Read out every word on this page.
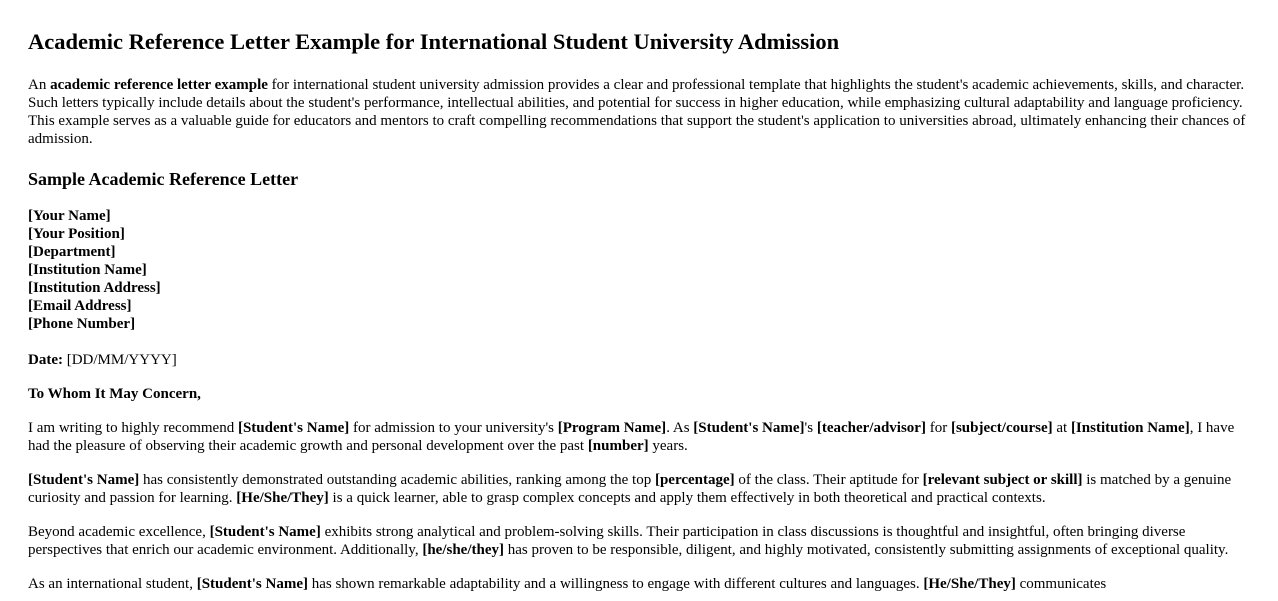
Academic Reference Letter Example for International Student University Admission

An academic reference letter example for international student university admission provides a clear and professional template that highlights the student's academic achievements, skills, and character. Such letters typically include details about the student's performance, intellectual abilities, and potential for success in higher education, while emphasizing cultural adaptability and language proficiency. This example serves as a valuable guide for educators and mentors to craft compelling recommendations that support the student's application to universities abroad, ultimately enhancing their chances of admission.

Sample Academic Reference Letter
[Your Name]
[Your Position]
[Department]
[Institution Name]
[Institution Address]
[Email Address]
[Phone Number]
Date: [DD/MM/YYYY]
To Whom It May Concern,

I am writing to highly recommend [Student's Name] for admission to your university's [Program Name]. As [Student's Name]'s [teacher/advisor] for [subject/course] at [Institution Name], I have had the pleasure of observing their academic growth and personal development over the past [number] years.

[Student's Name] has consistently demonstrated outstanding academic abilities, ranking among the top [percentage] of the class. Their aptitude for [relevant subject or skill] is matched by a genuine curiosity and passion for learning. [He/She/They] is a quick learner, able to grasp complex concepts and apply them effectively in both theoretical and practical contexts.

Beyond academic excellence, [Student's Name] exhibits strong analytical and problem-solving skills. Their participation in class discussions is thoughtful and insightful, often bringing diverse perspectives that enrich our academic environment. Additionally, [he/she/they] has proven to be responsible, diligent, and highly motivated, consistently submitting assignments of exceptional quality.

As an international student, [Student's Name] has shown remarkable adaptability and a willingness to engage with different cultures and languages. [He/She/They] communicates
